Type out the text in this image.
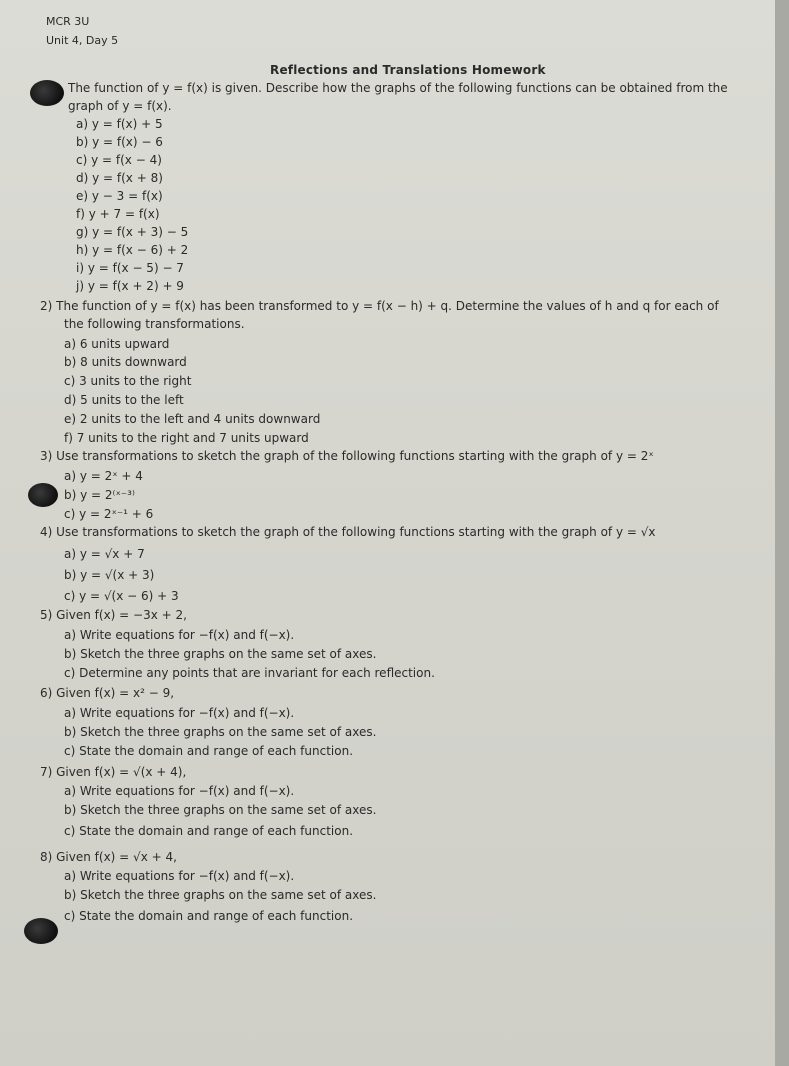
MCR 3U
Unit 4, Day 5
Reflections and Translations Homework
The function of y = f(x) is given. Describe how the graphs of the following functions can be obtained from the
graph of y = f(x).
a) y = f(x) + 5
b) y = f(x) − 6
c) y = f(x − 4)
d) y = f(x + 8)
e) y − 3 = f(x)
f) y + 7 = f(x)
g) y = f(x + 3) − 5
h) y = f(x − 6) + 2
i) y = f(x − 5) − 7
j) y = f(x + 2) + 9
2) The function of y = f(x) has been transformed to y = f(x − h) + q. Determine the values of h and q for each of
the following transformations.
a) 6 units upward
b) 8 units downward
c) 3 units to the right
d) 5 units to the left
e) 2 units to the left and 4 units downward
f) 7 units to the right and 7 units upward
3) Use transformations to sketch the graph of the following functions starting with the graph of y = 2ˣ
a) y = 2ˣ + 4
b) y = 2⁽ˣ⁻³⁾
c) y = 2ˣ⁻¹ + 6
4) Use transformations to sketch the graph of the following functions starting with the graph of y = √x
a) y = √x + 7
b) y = √(x + 3)
c) y = √(x − 6) + 3
5) Given f(x) = −3x + 2,
a) Write equations for −f(x) and f(−x).
b) Sketch the three graphs on the same set of axes.
c) Determine any points that are invariant for each reflection.
6) Given f(x) = x² − 9,
a) Write equations for −f(x) and f(−x).
b) Sketch the three graphs on the same set of axes.
c) State the domain and range of each function.
7) Given f(x) = √(x + 4),
a) Write equations for −f(x) and f(−x).
b) Sketch the three graphs on the same set of axes.
c) State the domain and range of each function.
8) Given f(x) = √x + 4,
a) Write equations for −f(x) and f(−x).
b) Sketch the three graphs on the same set of axes.
c) State the domain and range of each function.
